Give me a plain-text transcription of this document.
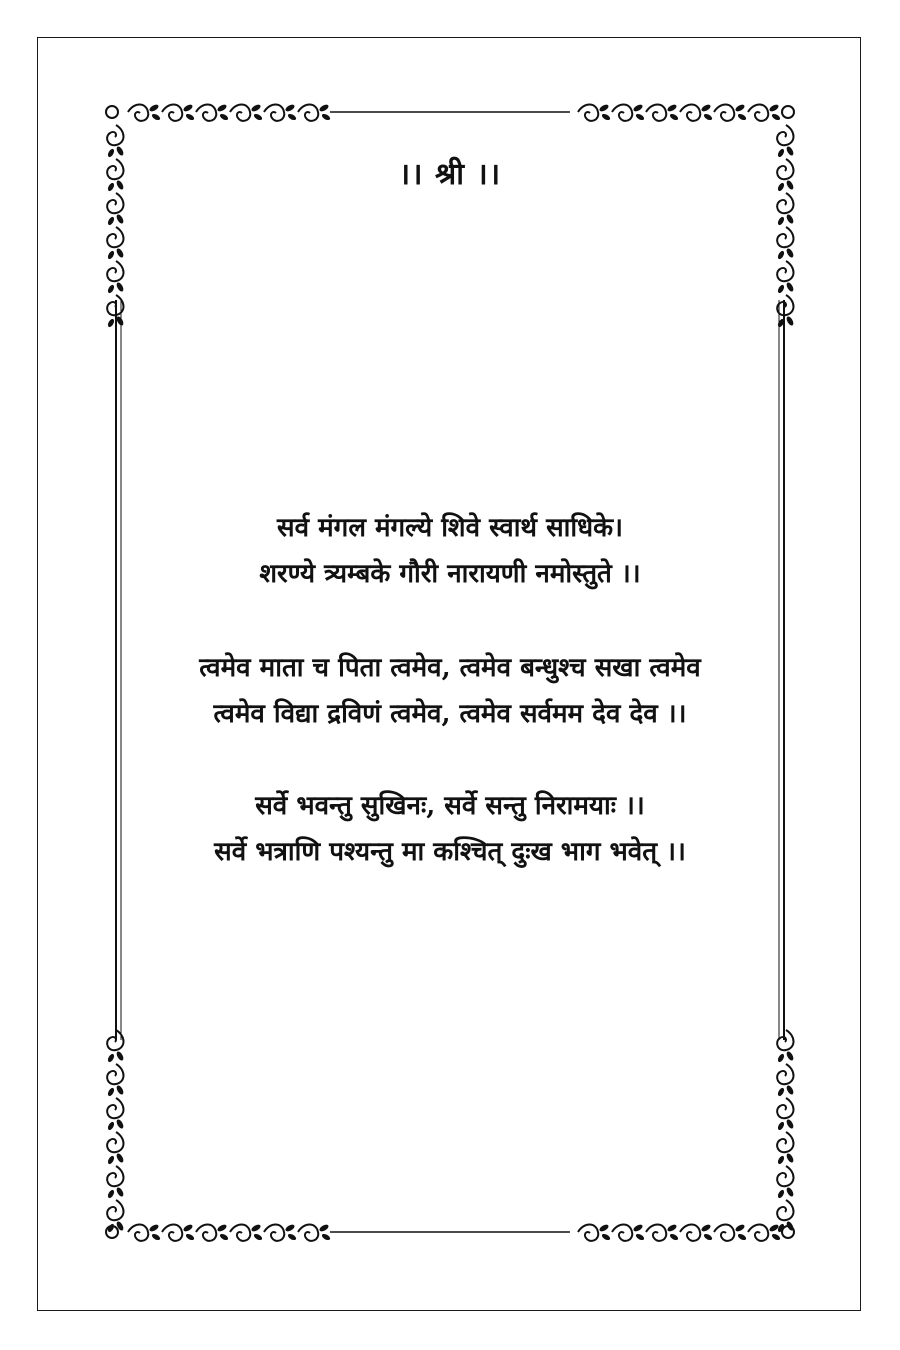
।। श्री ।।
सर्व मंगल मंगल्ये शिवे स्वार्थ साधिके।
शरण्ये त्र्यम्बके गौरी नारायणी नमोस्तुते ।।
त्वमेव माता च पिता त्वमेव, त्वमेव बन्धुश्च सखा त्वमेव
त्वमेव विद्या द्रविणं त्वमेव, त्वमेव सर्वमम देव देव ।।
सर्वे भवन्तु सुखिनः, सर्वे सन्तु निरामयाः ।।
सर्वे भत्राणि पश्यन्तु मा कश्चित् दुःख भाग भवेत् ।।
